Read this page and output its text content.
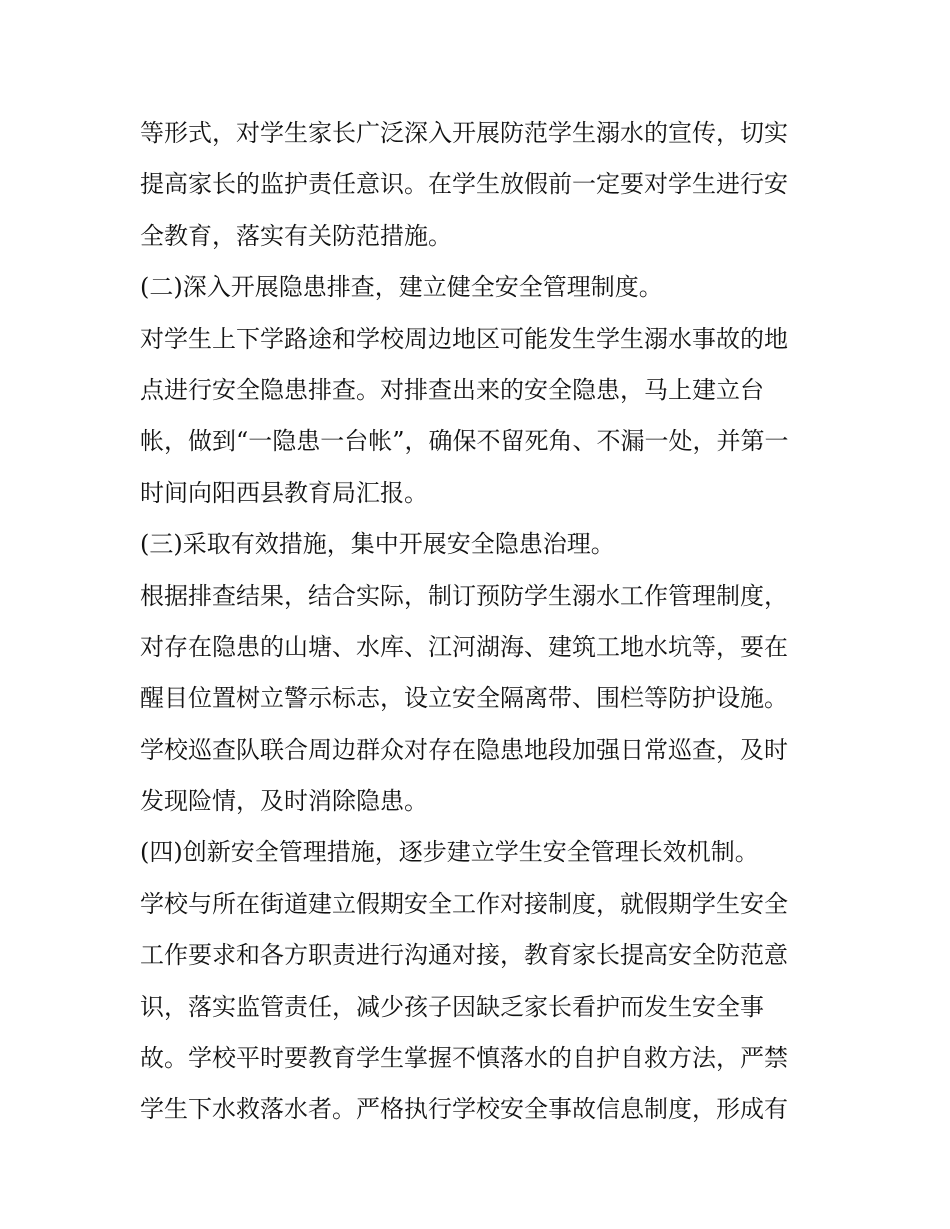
等形式，对学生家长广泛深入开展防范学生溺水的宣传，切实
提高家长的监护责任意识。在学生放假前一定要对学生进行安
全教育，落实有关防范措施。
(二)深入开展隐患排查，建立健全安全管理制度。
对学生上下学路途和学校周边地区可能发生学生溺水事故的地
点进行安全隐患排查。对排查出来的安全隐患，马上建立台
帐，做到“一隐患一台帐”，确保不留死角、不漏一处，并第一
时间向阳西县教育局汇报。
(三)采取有效措施，集中开展安全隐患治理。
根据排查结果，结合实际，制订预防学生溺水工作管理制度，
对存在隐患的山塘、水库、江河湖海、建筑工地水坑等，要在
醒目位置树立警示标志，设立安全隔离带、围栏等防护设施。
学校巡查队联合周边群众对存在隐患地段加强日常巡查，及时
发现险情，及时消除隐患。
(四)创新安全管理措施，逐步建立学生安全管理长效机制。
学校与所在街道建立假期安全工作对接制度，就假期学生安全
工作要求和各方职责进行沟通对接，教育家长提高安全防范意
识，落实监管责任，减少孩子因缺乏家长看护而发生安全事
故。学校平时要教育学生掌握不慎落水的自护自救方法，严禁
学生下水救落水者。严格执行学校安全事故信息制度，形成有
